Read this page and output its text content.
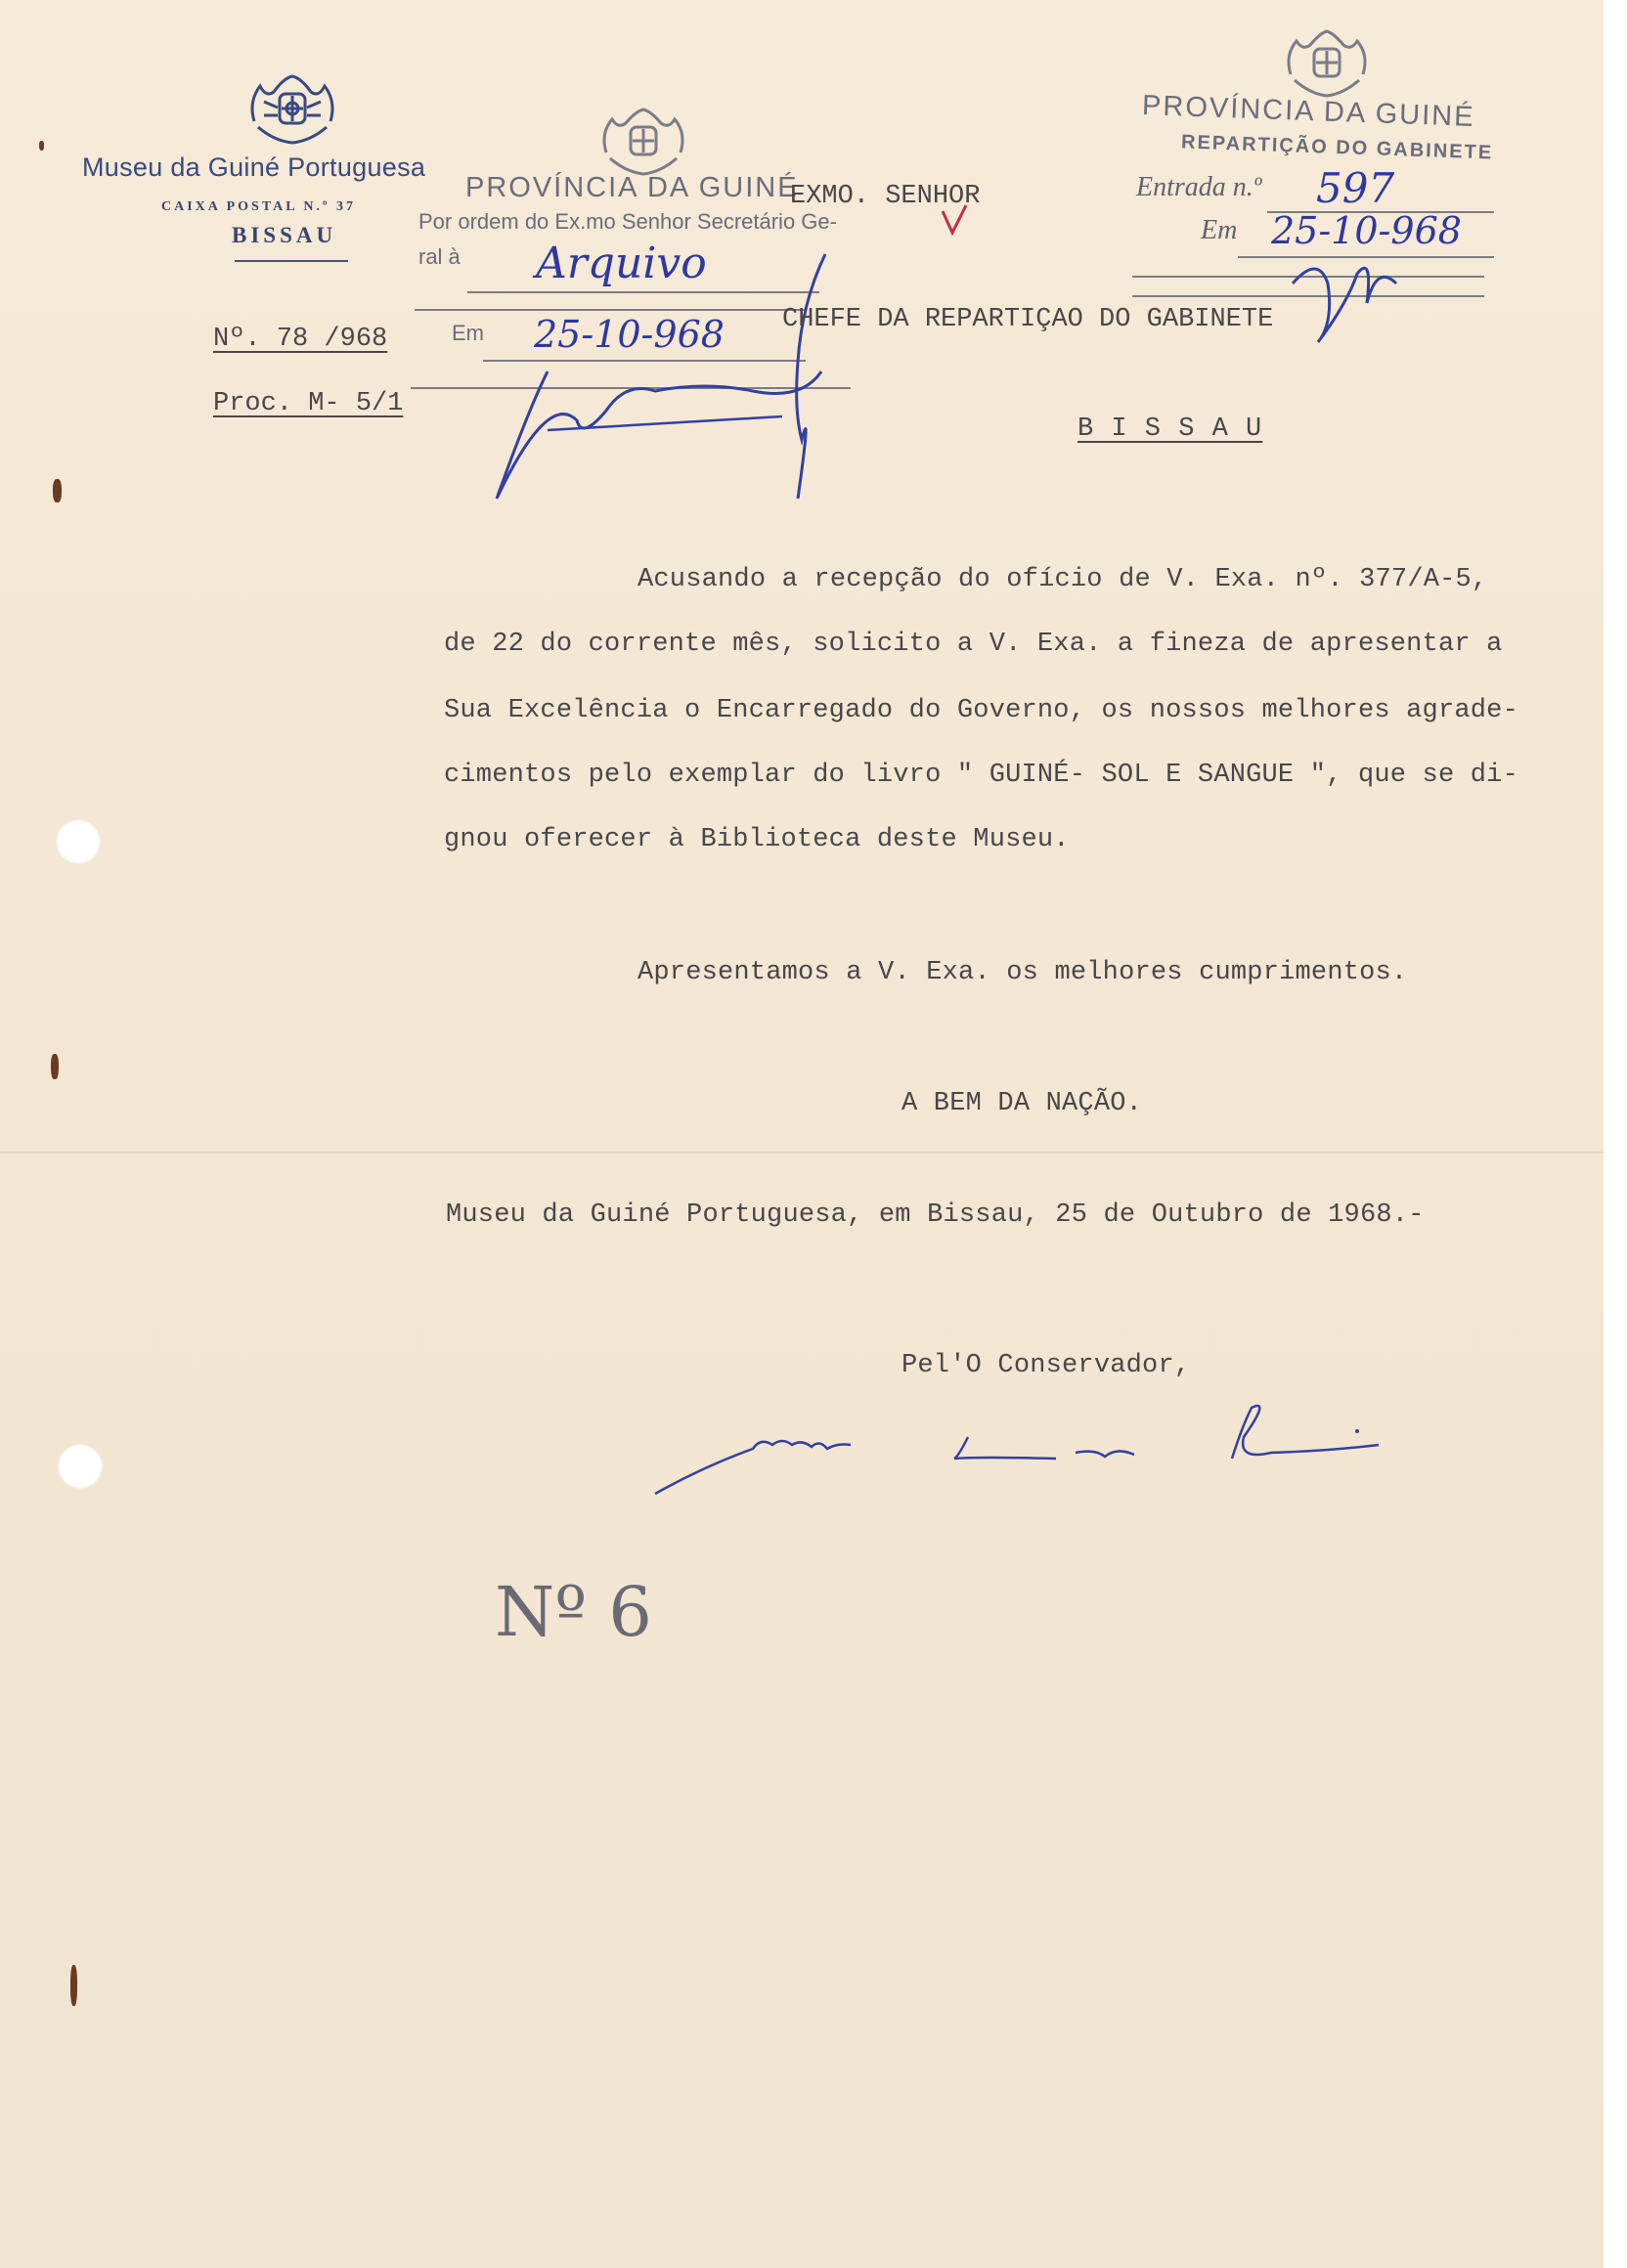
Museu da Guiné Portuguesa
CAIXA POSTAL N.º 37
BISSAU
PROVÍNCIA DA GUINÉ
Por ordem do Ex.mo Senhor Secretário Ge-
ral à Arquivo
Em 25-10-968
PROVÍNCIA DA GUINÉ
REPARTIÇÃO DO GABINETE
Entrada n.º 597
Em 25-10-968
Nº. 78 /968
Proc. M- 5/1
EXMO. SENHOR
CHEFE DA REPARTIÇAO DO GABINETE
B I S S A U
Acusando a recepção do ofício de V. Exa. nº. 377/A-5,
de 22 do corrente mês, solicito a V. Exa. a fineza de apresentar a
Sua Excelência o Encarregado do Governo, os nossos melhores agrade-
cimentos pelo exemplar do livro " GUINÉ- SOL E SANGUE ", que se di-
gnou oferecer à Biblioteca deste Museu.
Apresentamos a V. Exa. os melhores cumprimentos.
A BEM DA NAÇÃO.
Museu da Guiné Portuguesa, em Bissau, 25 de Outubro de 1968.-
Pel'O Conservador,
Nº 6
